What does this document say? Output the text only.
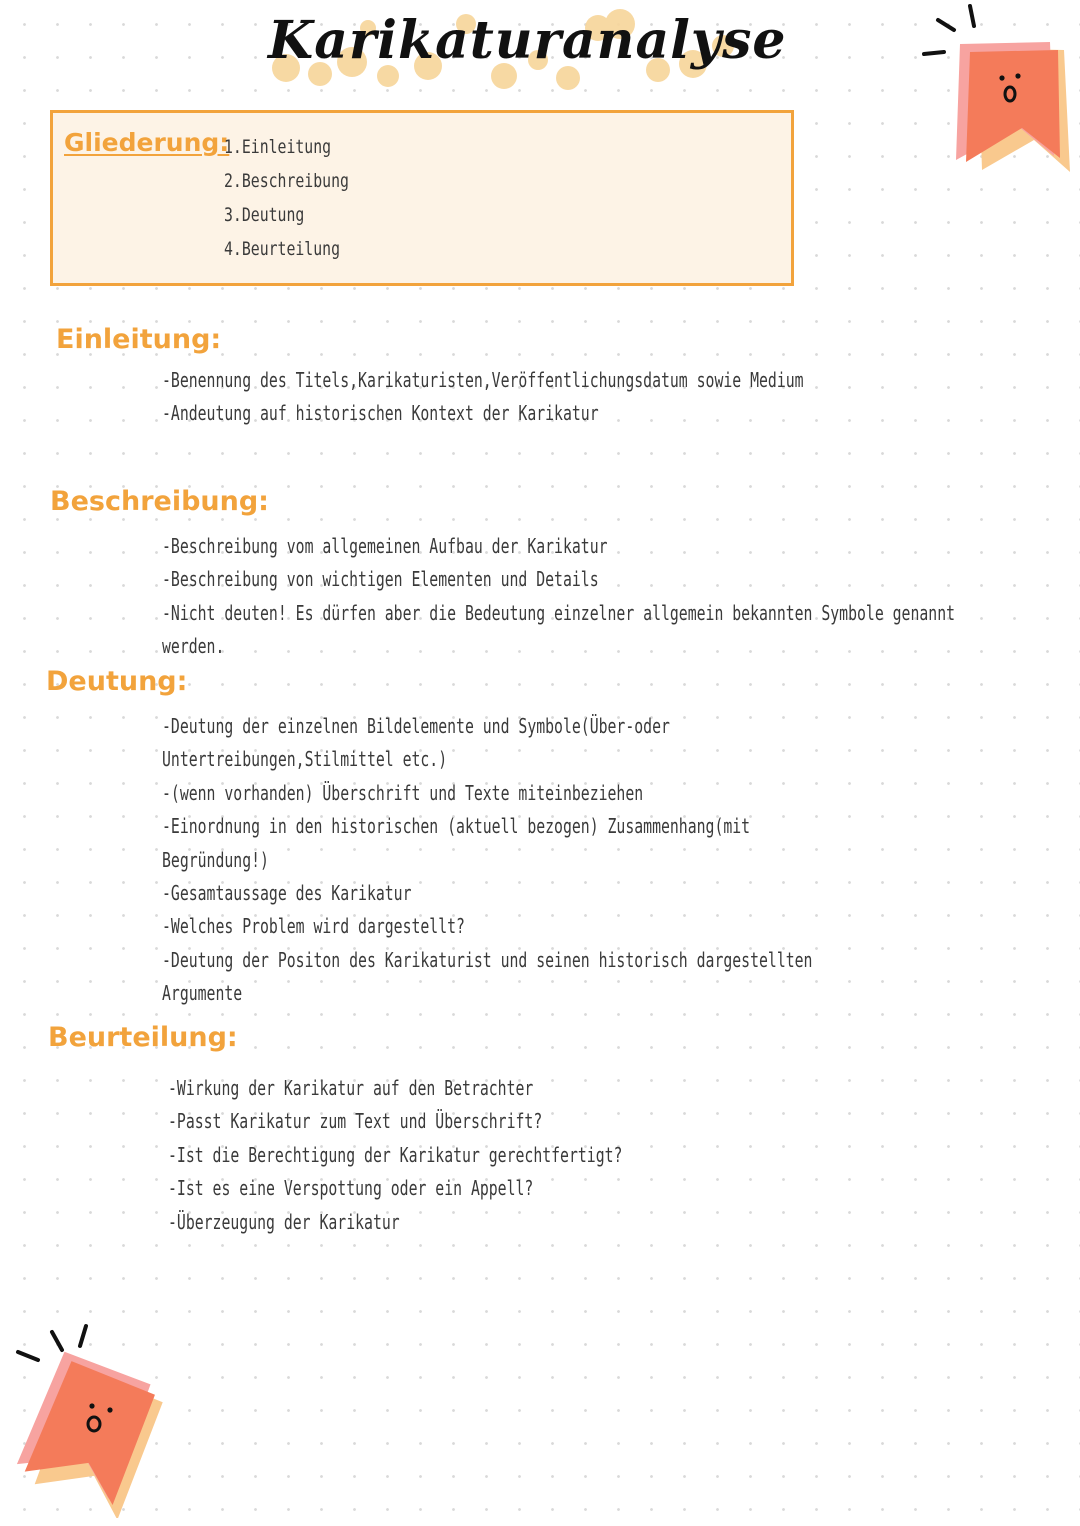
Karikaturanalyse
Gliederung:
1.Einleitung
2.Beschreibung
3.Deutung
4.Beurteilung
Einleitung:
-Benennung des Titels,Karikaturisten,Veröffentlichungsdatum sowie Medium
-Andeutung auf historischen Kontext der Karikatur
Beschreibung:
-Beschreibung vom allgemeinen Aufbau der Karikatur
-Beschreibung von wichtigen Elementen und Details
-Nicht deuten! Es dürfen aber die Bedeutung einzelner allgemein bekannten Symbole genannt
werden.
Deutung:
-Deutung der einzelnen Bildelemente und Symbole(Über-oder
Untertreibungen,Stilmittel etc.)
-(wenn vorhanden) Überschrift und Texte miteinbeziehen
-Einordnung in den historischen (aktuell bezogen) Zusammenhang(mit
Begründung!)
-Gesamtaussage des Karikatur
-Welches Problem wird dargestellt?
-Deutung der Positon des Karikaturist und seinen historisch dargestellten
Argumente
Beurteilung:
-Wirkung der Karikatur auf den Betrachter
-Passt Karikatur zum Text und Überschrift?
-Ist die Berechtigung der Karikatur gerechtfertigt?
-Ist es eine Verspottung oder ein Appell?
-Überzeugung der Karikatur
